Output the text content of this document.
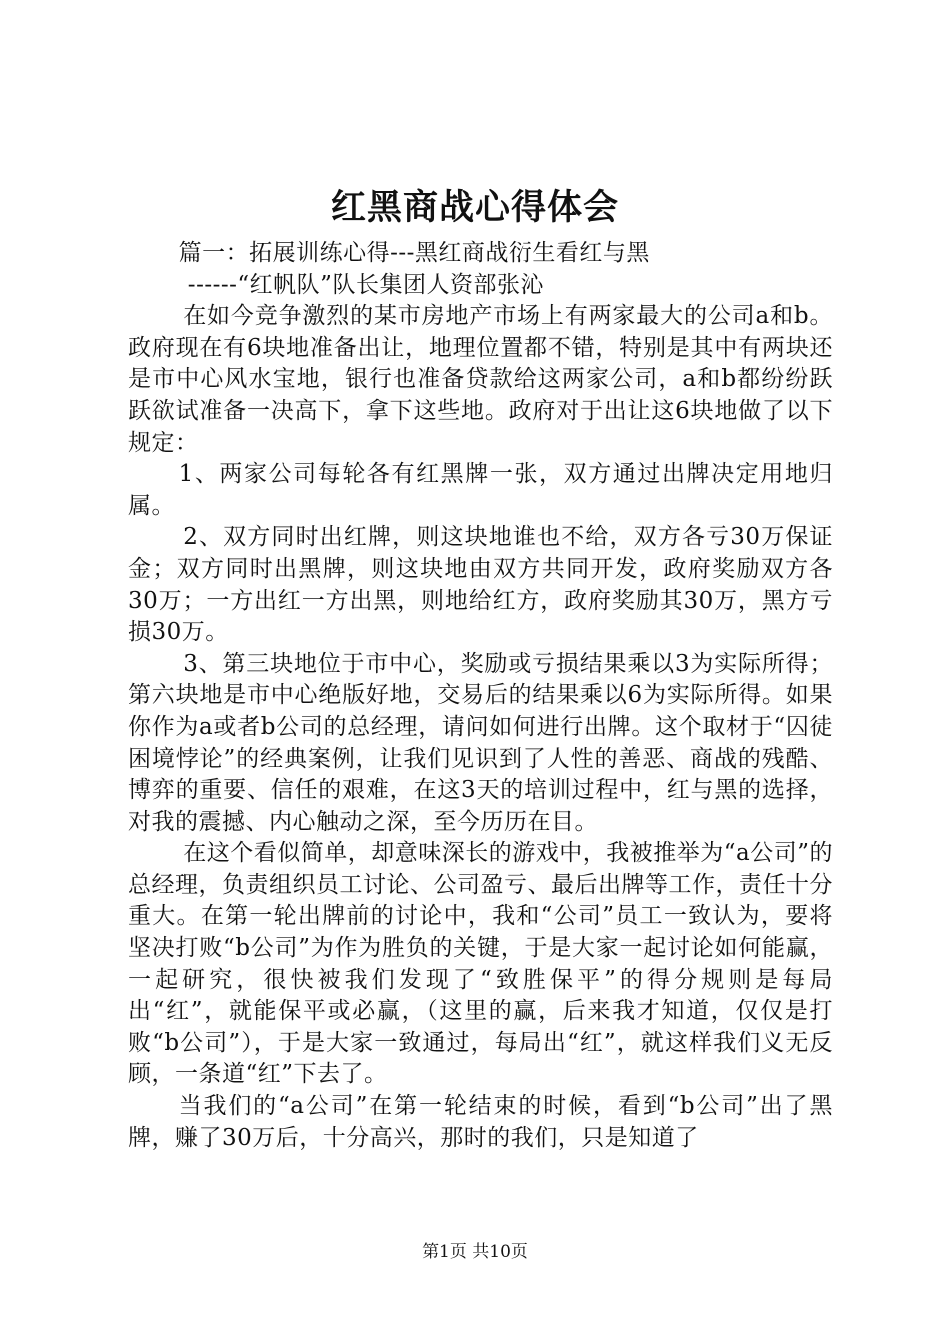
红黑商战心得体会

篇一：拓展训练心得---黑红商战衍生看红与黑

------“红帆队”队长集团人资部张沁

在如今竞争激烈的某市房地产市场上有两家最大的公司a和b。政府现在有6块地准备出让，地理位置都不错，特别是其中有两块还是市中心风水宝地，银行也准备贷款给这两家公司，a和b都纷纷跃跃欲试准备一决高下，拿下这些地。政府对于出让这6块地做了以下规定：

1、两家公司每轮各有红黑牌一张，双方通过出牌决定用地归属。

2、双方同时出红牌，则这块地谁也不给，双方各亏30万保证金；双方同时出黑牌，则这块地由双方共同开发，政府奖励双方各30万；一方出红一方出黑，则地给红方，政府奖励其30万，黑方亏损30万。

3、第三块地位于市中心，奖励或亏损结果乘以3为实际所得；第六块地是市中心绝版好地，交易后的结果乘以6为实际所得。如果你作为a或者b公司的总经理，请问如何进行出牌。这个取材于“囚徒困境悖论”的经典案例，让我们见识到了人性的善恶、商战的残酷、博弈的重要、信任的艰难，在这3天的培训过程中，红与黑的选择，对我的震撼、内心触动之深，至今历历在目。

在这个看似简单，却意味深长的游戏中，我被推举为“a公司”的总经理，负责组织员工讨论、公司盈亏、最后出牌等工作，责任十分重大。在第一轮出牌前的讨论中，我和“公司”员工一致认为，要将坚决打败“b公司”为作为胜负的关键，于是大家一起讨论如何能赢，一起研究，很快被我们发现了“致胜保平”的得分规则是每局出“红”，就能保平或必赢，（这里的赢，后来我才知道，仅仅是打败“b公司”），于是大家一致通过，每局出“红”，就这样我们义无反顾，一条道“红”下去了。

当我们的“a公司”在第一轮结束的时候，看到“b公司”出了黑牌，赚了30万后，十分高兴，那时的我们，只是知道了

第1页 共10页
